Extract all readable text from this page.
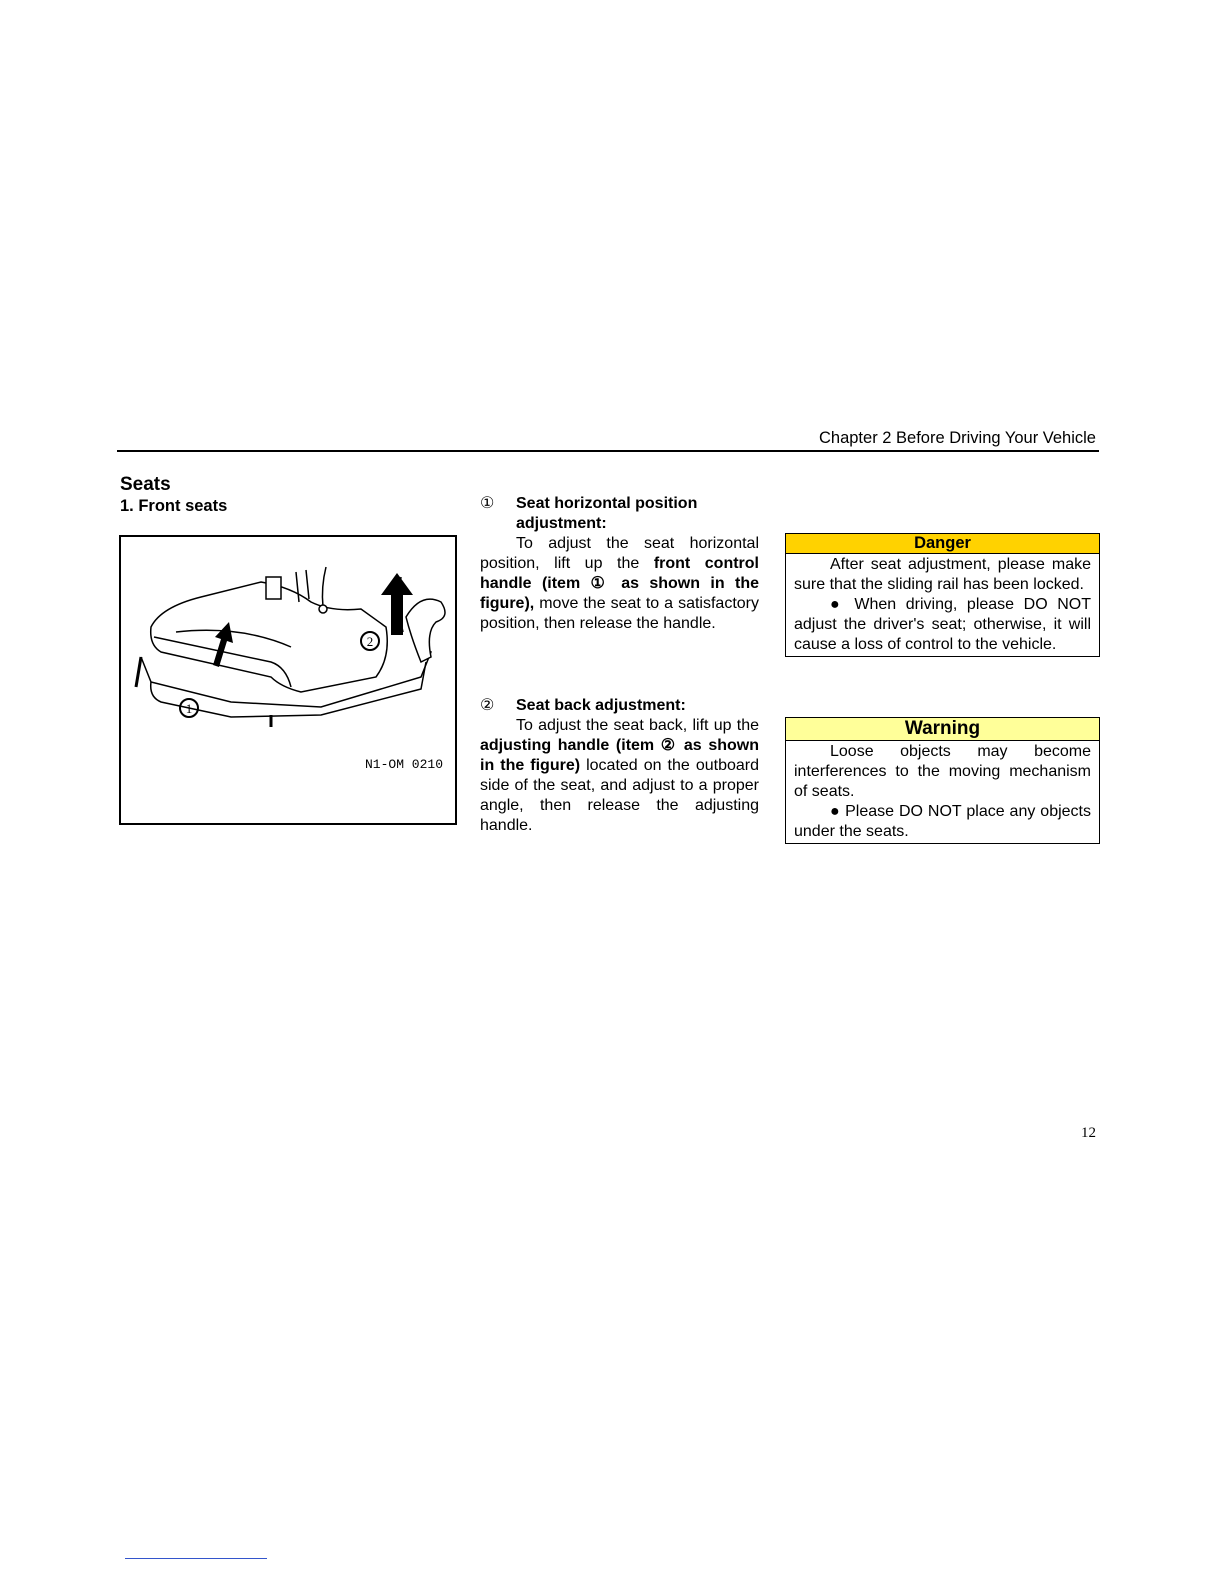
Chapter 2 Before Driving Your Vehicle
Seats
1. Front seats
1
2
N1-OM 0210
①	Seat horizontal position adjustment:

To adjust the seat horizontal position, lift up the front control handle (item ① as shown in the figure), move the seat to a satisfactory position, then release the handle.

②	Seat back adjustment:

To adjust the seat back, lift up the adjusting handle (item ② as shown in the figure) located on the outboard side of the seat, and adjust to a proper angle, then release the adjusting handle.

Danger

After seat adjustment, please make sure that the sliding rail has been locked.

● When driving, please DO NOT adjust the driver's seat; otherwise, it will cause a loss of control to the vehicle.

Warning

Loose objects may become interferences to the moving mechanism of seats.

● Please DO NOT place any objects under the seats.

12
